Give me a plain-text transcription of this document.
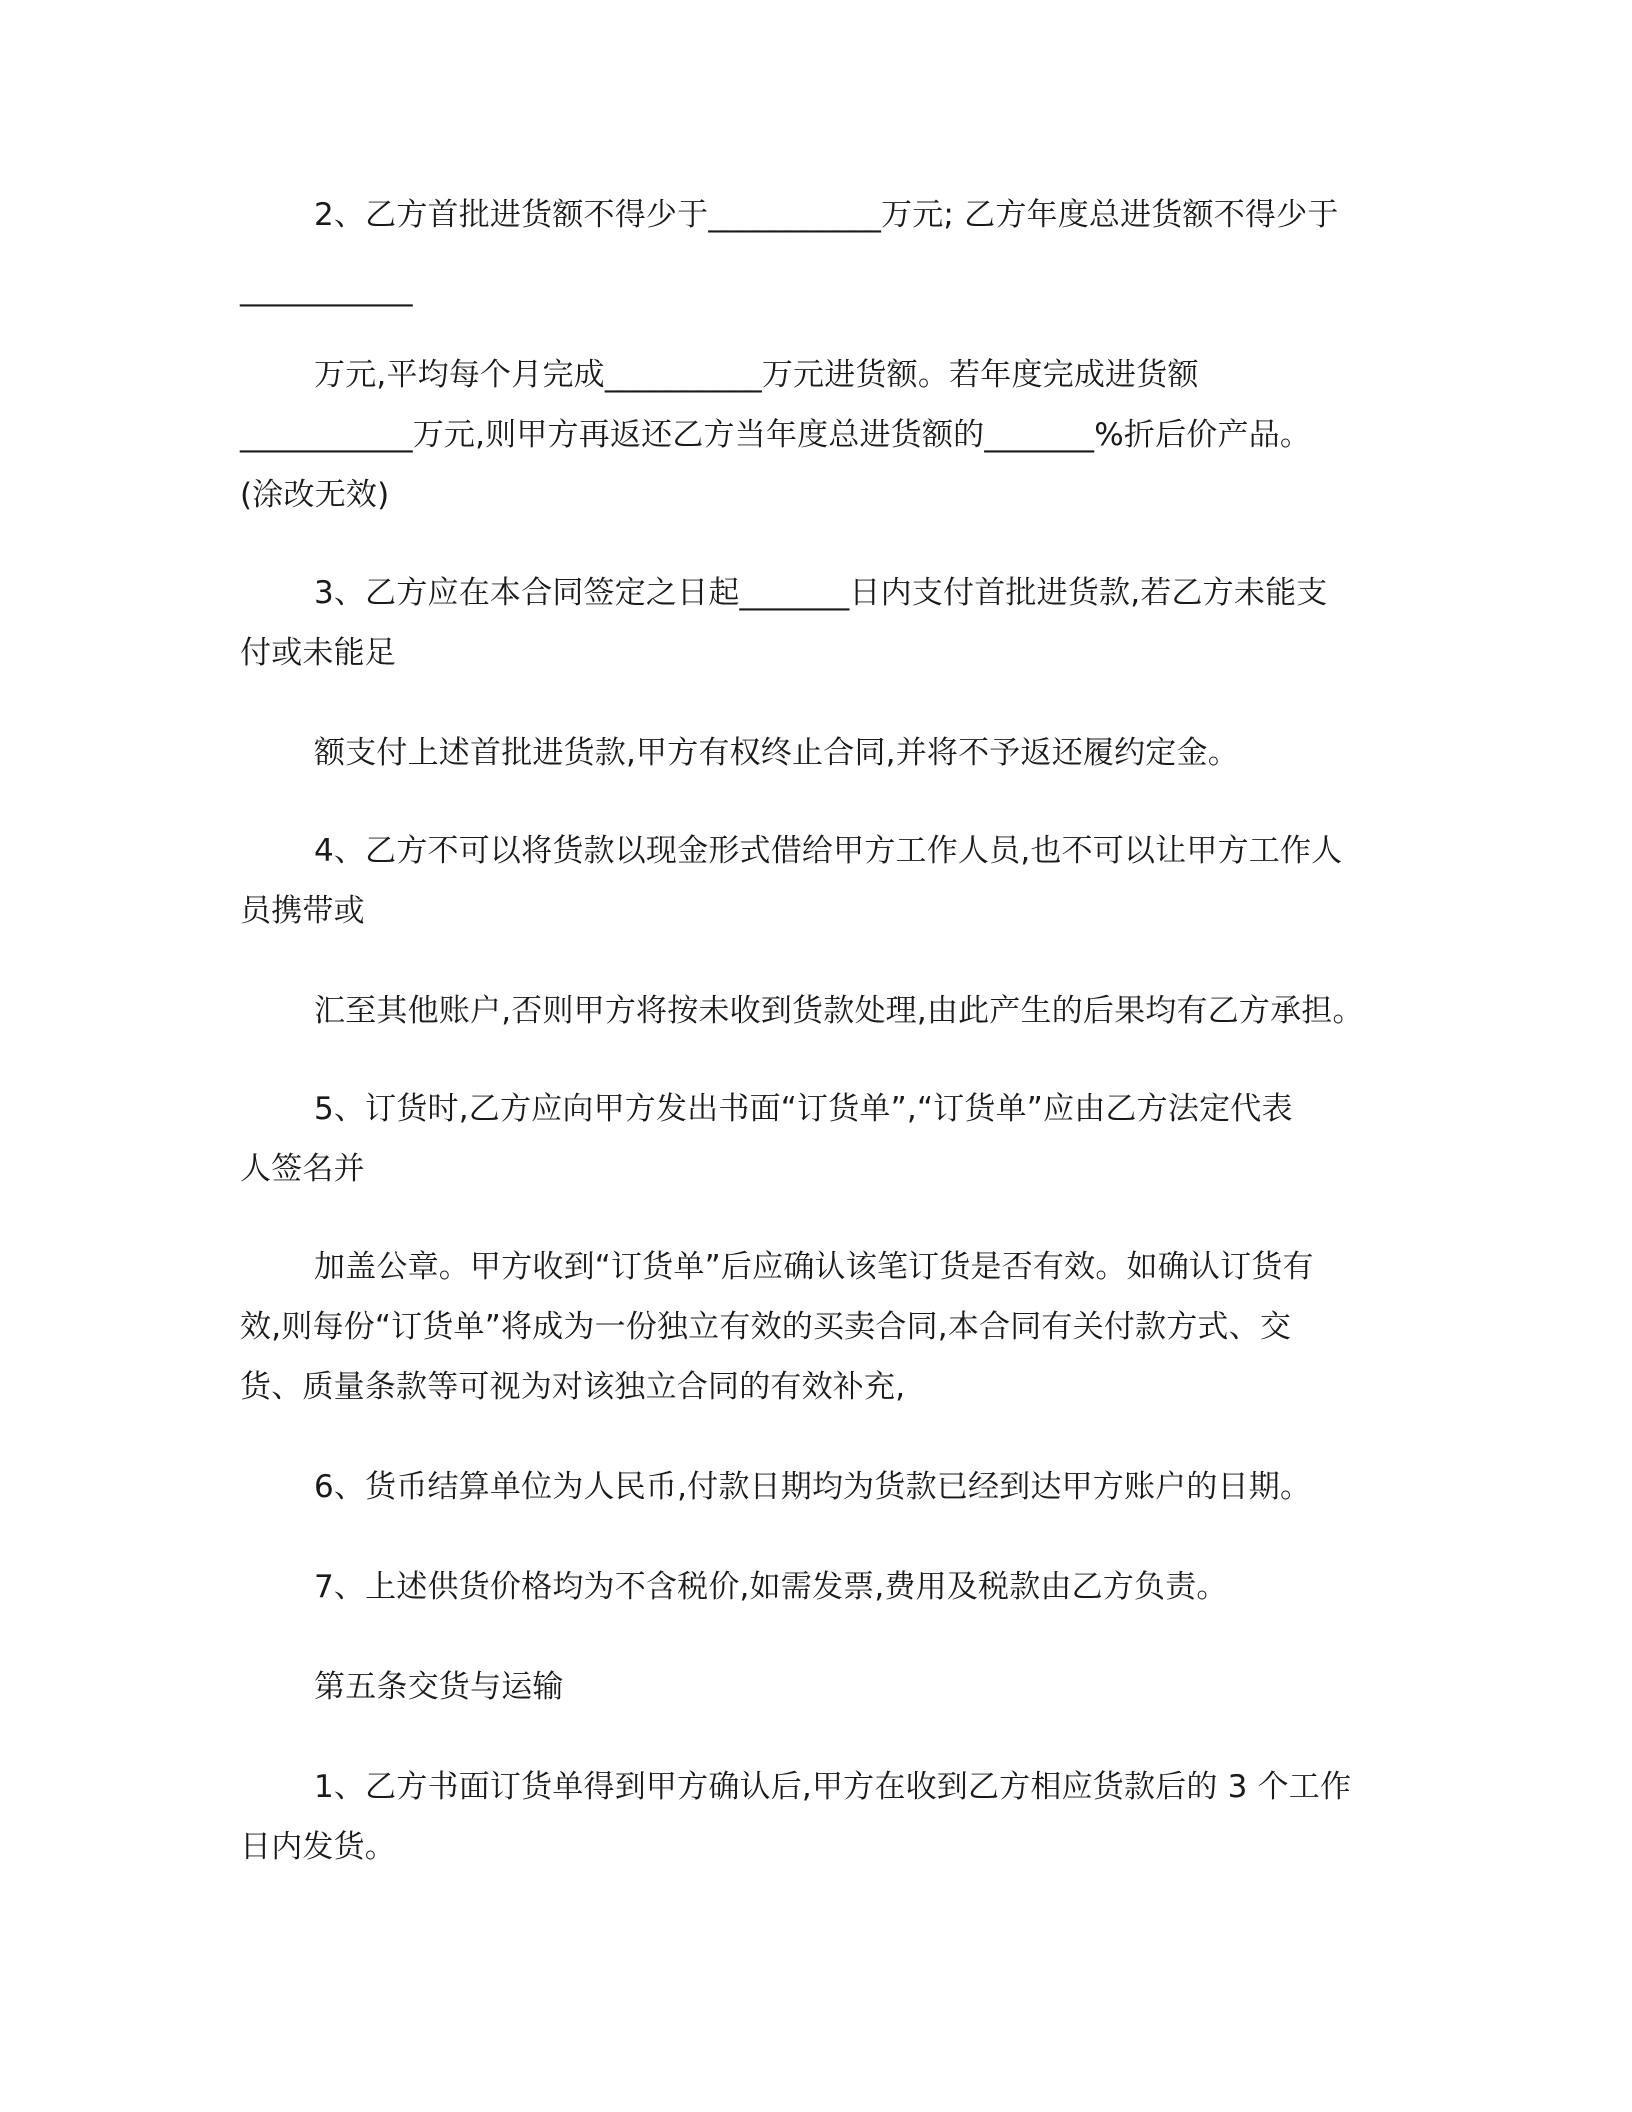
2、乙方首批进货额不得少于___________万元; 乙方年度总进货额不得少于
___________
万元,平均每个月完成__________万元进货额。若年度完成进货额
___________万元,则甲方再返还乙方当年度总进货额的_______%折后价产品。
(涂改无效)
3、乙方应在本合同签定之日起_______日内支付首批进货款,若乙方未能支
付或未能足
额支付上述首批进货款,甲方有权终止合同,并将不予返还履约定金。
4、乙方不可以将货款以现金形式借给甲方工作人员,也不可以让甲方工作人
员携带或
汇至其他账户,否则甲方将按未收到货款处理,由此产生的后果均有乙方承担。
5、订货时,乙方应向甲方发出书面“订货单”,“订货单”应由乙方法定代表
人签名并
加盖公章。甲方收到“订货单”后应确认该笔订货是否有效。如确认订货有
效,则每份“订货单”将成为一份独立有效的买卖合同,本合同有关付款方式、交
货、质量条款等可视为对该独立合同的有效补充,
6、货币结算单位为人民币,付款日期均为货款已经到达甲方账户的日期。
7、上述供货价格均为不含税价,如需发票,费用及税款由乙方负责。
第五条交货与运输
1、乙方书面订货单得到甲方确认后,甲方在收到乙方相应货款后的 3 个工作
日内发货。
